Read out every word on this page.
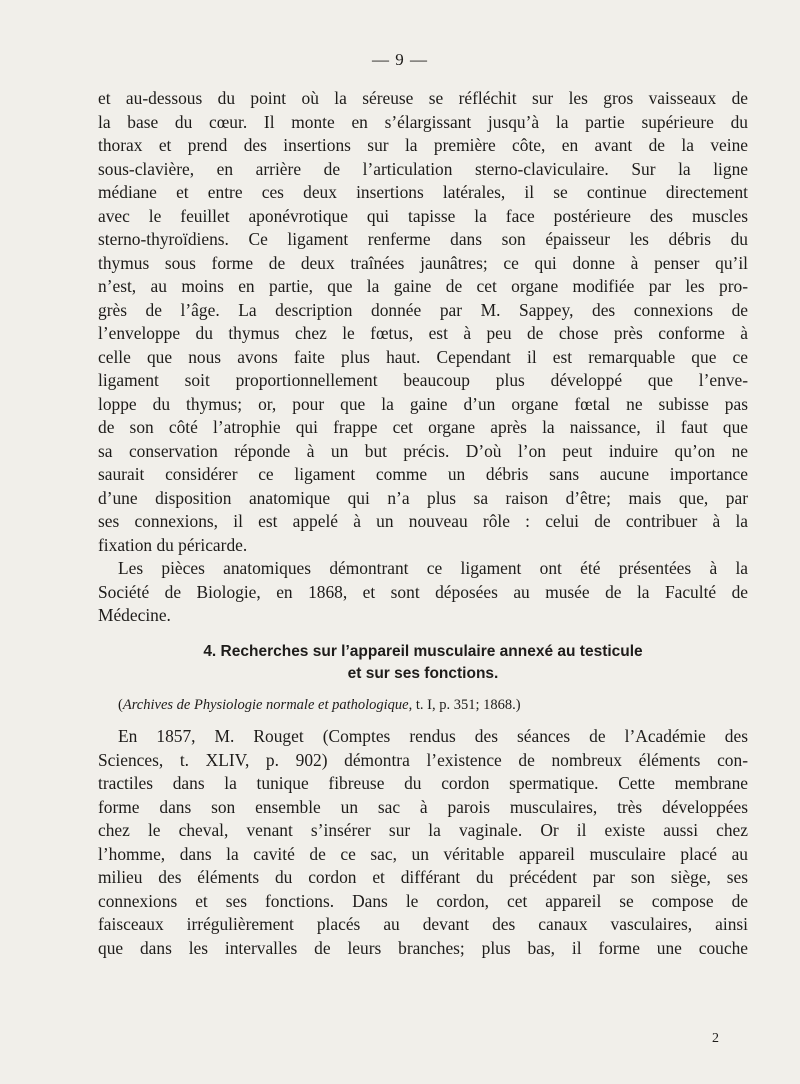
— 9 —
et au-dessous du point où la séreuse se réfléchit sur les gros vaisseaux de
la base du cœur. Il monte en s’élargissant jusqu’à la partie supérieure du
thorax et prend des insertions sur la première côte, en avant de la veine
sous-clavière, en arrière de l’articulation sterno-claviculaire. Sur la ligne
médiane et entre ces deux insertions latérales, il se continue directement
avec le feuillet aponévrotique qui tapisse la face postérieure des muscles
sterno-thyroïdiens. Ce ligament renferme dans son épaisseur les débris du
thymus sous forme de deux traînées jaunâtres; ce qui donne à penser qu’il
n’est, au moins en partie, que la gaine de cet organe modifiée par les pro-
grès de l’âge. La description donnée par M. Sappey, des connexions de
l’enveloppe du thymus chez le fœtus, est à peu de chose près conforme à
celle que nous avons faite plus haut. Cependant il est remarquable que ce
ligament soit proportionnellement beaucoup plus développé que l’enve-
loppe du thymus; or, pour que la gaine d’un organe fœtal ne subisse pas
de son côté l’atrophie qui frappe cet organe après la naissance, il faut que
sa conservation réponde à un but précis. D’où l’on peut induire qu’on ne
saurait considérer ce ligament comme un débris sans aucune importance
d’une disposition anatomique qui n’a plus sa raison d’être; mais que, par
ses connexions, il est appelé à un nouveau rôle : celui de contribuer à la
fixation du péricarde.
Les pièces anatomiques démontrant ce ligament ont été présentées à la
Société de Biologie, en 1868, et sont déposées au musée de la Faculté de
Médecine.
4. Recherches sur l’appareil musculaire annexé au testicule
et sur ses fonctions.
(Archives de Physiologie normale et pathologique, t. I, p. 351; 1868.)
En 1857, M. Rouget (Comptes rendus des séances de l’Académie des
Sciences, t. XLIV, p. 902) démontra l’existence de nombreux éléments con-
tractiles dans la tunique fibreuse du cordon spermatique. Cette membrane
forme dans son ensemble un sac à parois musculaires, très développées
chez le cheval, venant s’insérer sur la vaginale. Or il existe aussi chez
l’homme, dans la cavité de ce sac, un véritable appareil musculaire placé au
milieu des éléments du cordon et différant du précédent par son siège, ses
connexions et ses fonctions. Dans le cordon, cet appareil se compose de
faisceaux irrégulièrement placés au devant des canaux vasculaires, ainsi
que dans les intervalles de leurs branches; plus bas, il forme une couche
2
